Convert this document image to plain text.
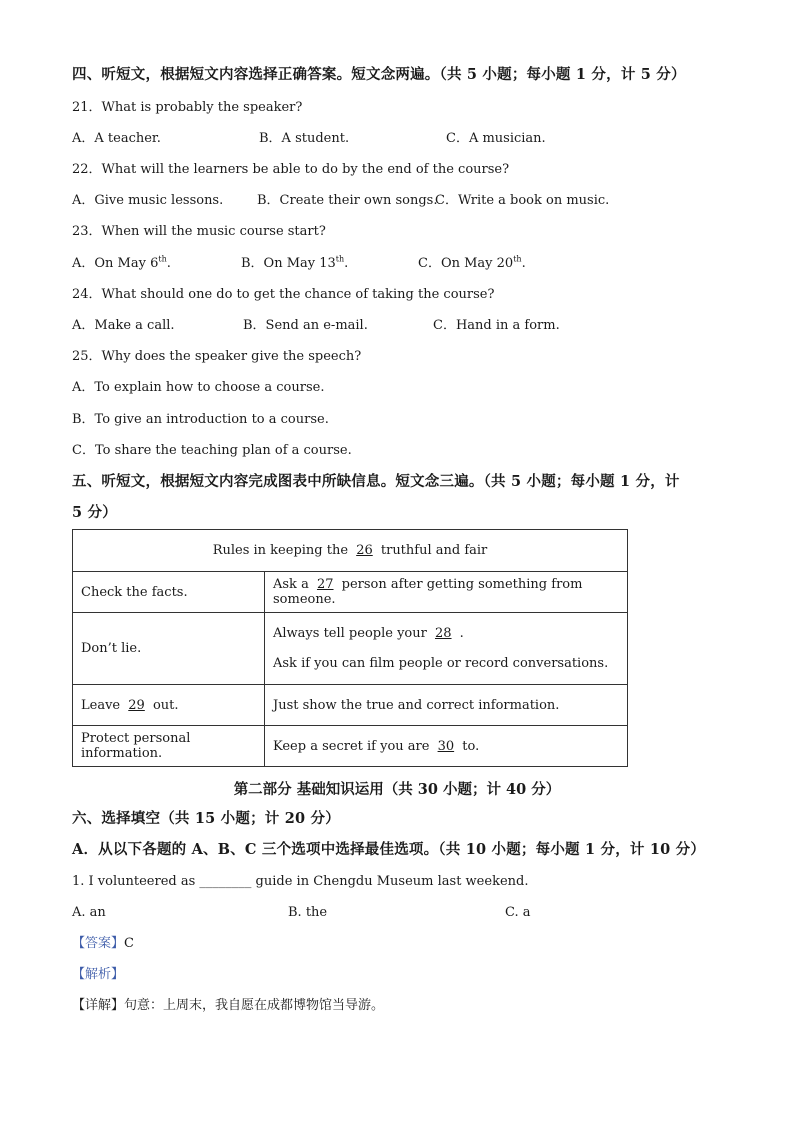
四、听短文，根据短文内容选择正确答案。短文念两遍。（共 5 小题；每小题 1 分，计 5 分）
21．What is probably the speaker?
A．A teacher.	B．A student.	C．A musician.
22．What will the learners be able to do by the end of the course?
A．Give music lessons.	B．Create their own songs.
C．Write a book on music.
23．When will the music course start?
A．On May 6th.	B．On May 13th.	C．On May 20th.
24．What should one do to get the chance of taking the course?
A．Make a call.	B．Send an e-mail.	C．Hand in a form.
25．Why does the speaker give the speech?
A．To explain how to choose a course.
B．To give an introduction to a course.
C．To share the teaching plan of a course.
五、听短文，根据短文内容完成图表中所缺信息。短文念三遍。（共 5 小题；每小题 1 分，计
5 分）
Rules in keeping the 26 truthful and fair	
Check the facts.	Ask a 27 person after getting something from someone.
Don’t lie.	Always tell people your 28 .
Ask if you can film people or record conversations.

Leave 29 out.	Just show the true and correct information.
Protect personal information.	Keep a secret if you are 30 to.
第二部分 基础知识运用（共 30 小题；计 40 分）
六、选择填空（共 15 小题；计 20 分）
A．从以下各题的 A、B、C 三个选项中选择最佳选项。（共 10 小题；每小题 1 分，计 10 分）
1. I volunteered as ________ guide in Chengdu Museum last weekend.
A. an	B. the	C. a
【答案】C
【解析】
【详解】句意：上周末，我自愿在成都博物馆当导游。
